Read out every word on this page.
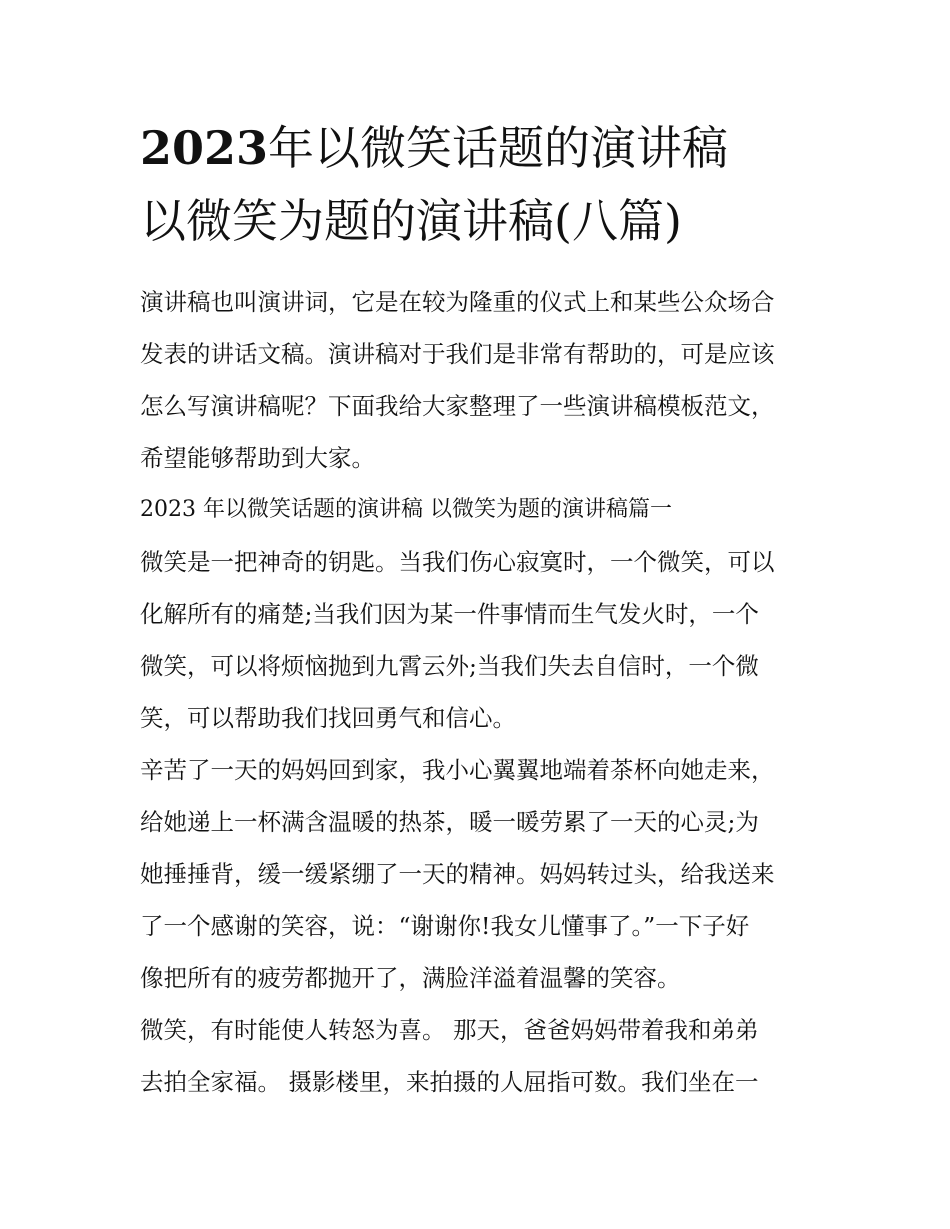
2023年以微笑话题的演讲稿
以微笑为题的演讲稿(八篇)

演讲稿也叫演讲词，它是在较为隆重的仪式上和某些公众场合
发表的讲话文稿。演讲稿对于我们是非常有帮助的，可是应该
怎么写演讲稿呢？下面我给大家整理了一些演讲稿模板范文，
希望能够帮助到大家。

2023 年以微笑话题的演讲稿 以微笑为题的演讲稿篇一

微笑是一把神奇的钥匙。当我们伤心寂寞时，一个微笑，可以
化解所有的痛楚;当我们因为某一件事情而生气发火时，一个
微笑，可以将烦恼抛到九霄云外;当我们失去自信时，一个微
笑，可以帮助我们找回勇气和信心。

辛苦了一天的妈妈回到家，我小心翼翼地端着茶杯向她走来，
给她递上一杯满含温暖的热茶，暖一暖劳累了一天的心灵;为
她捶捶背，缓一缓紧绷了一天的精神。妈妈转过头，给我送来
了一个感谢的笑容，说：“谢谢你!我女儿懂事了。”一下子好
像把所有的疲劳都抛开了，满脸洋溢着温馨的笑容。

微笑，有时能使人转怒为喜。 那天，爸爸妈妈带着我和弟弟
去拍全家福。 摄影楼里，来拍摄的人屈指可数。我们坐在一
